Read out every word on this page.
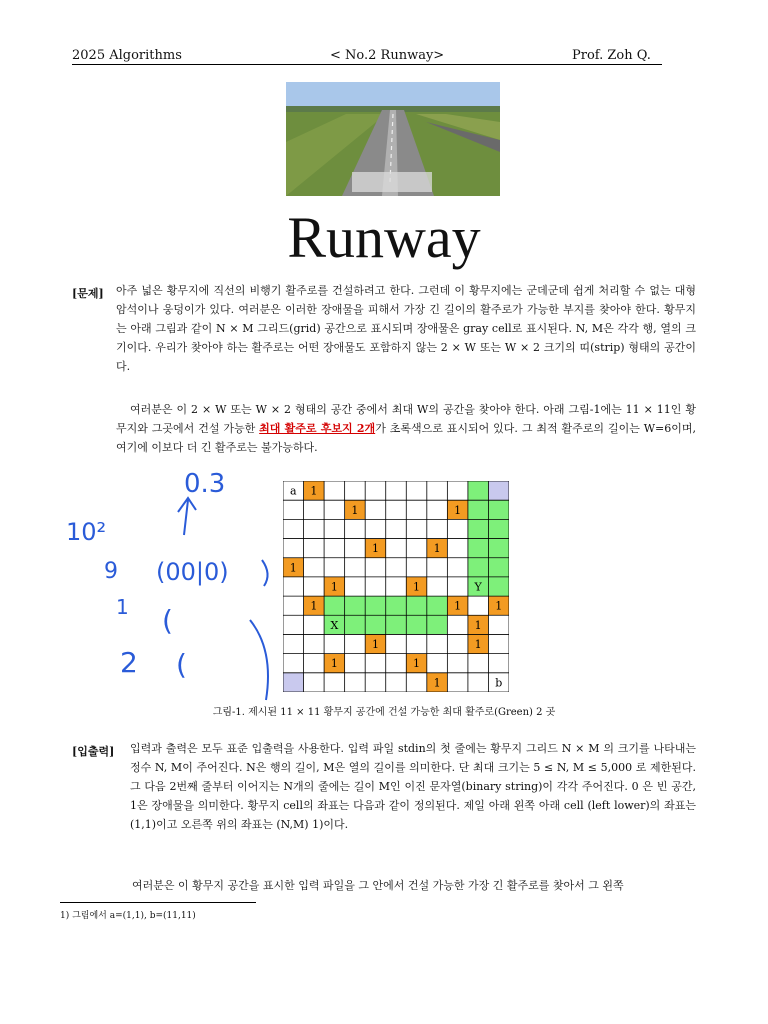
2025 Algorithms	< No.2 Runway>	Prof. Zoh Q.
Runway
[문제] 아주 넓은 황무지에 직선의 비행기 활주로를 건설하려고 한다. 그런데 이 황무지에는 군데군데 쉽게 처리할 수 없는 대형 암석이나 웅덩이가 있다. 여러분은 이러한 장애물을 피해서 가장 긴 길이의 활주로가 가능한 부지를 찾아야 한다. 황무지는 아래 그림과 같이 N × M 그리드(grid) 공간으로 표시되며 장애물은 gray cell로 표시된다. N, M은 각각 행, 열의 크기이다. 우리가 찾아야 하는 활주로는 어떤 장애물도 포함하지 않는 2 × W 또는 W × 2 크기의 띠(strip) 형태의 공간이다.
여러분은 이 2 × W 또는 W × 2 형태의 공간 중에서 최대 W의 공간을 찾아야 한다. 아래 그림-1에는 11 × 11인 황무지와 그곳에서 건설 가능한 최대 활주로 후보지 2개가 초록색으로 표시되어 있다. 그 최적 활주로의 길이는 W=6이며, 여기에 이보다 더 긴 활주로는 불가능하다.
0.3
10²
9 (00|0)
1 (
2 (
1
1	1
1	1
1
1	1	1
1	1
1
1	1
1	1
1
b
X
Y
a
그림-1. 제시된 11 × 11 황무지 공간에 건설 가능한 최대 활주로(Green) 2 곳
[입출력] 입력과 출력은 모두 표준 입출력을 사용한다. 입력 파일 stdin의 첫 줄에는 황무지 그리드 N × M 의 크기를 나타내는 정수 N, M이 주어진다. N은 행의 길이, M은 열의 길이를 의미한다. 단 최대 크기는 5 ≤ N, M ≤ 5,000 로 제한된다. 그 다음 2번째 줄부터 이어지는 N개의 줄에는 길이 M인 이진 문자열(binary string)이 각각 주어진다. 0 은 빈 공간, 1은 장애물을 의미한다. 황무지 cell의 좌표는 다음과 같이 정의된다. 제일 아래 왼쪽 아래 cell (left lower)의 좌표는 (1,1)이고 오른쪽 위의 좌표는 (N,M) 1)이다.
여러분은 이 황무지 공간을 표시한 입력 파일을 그 안에서 건설 가능한 가장 긴 활주로를 찾아서 그 왼쪽
1) 그림에서 a=(1,1), b=(11,11)
